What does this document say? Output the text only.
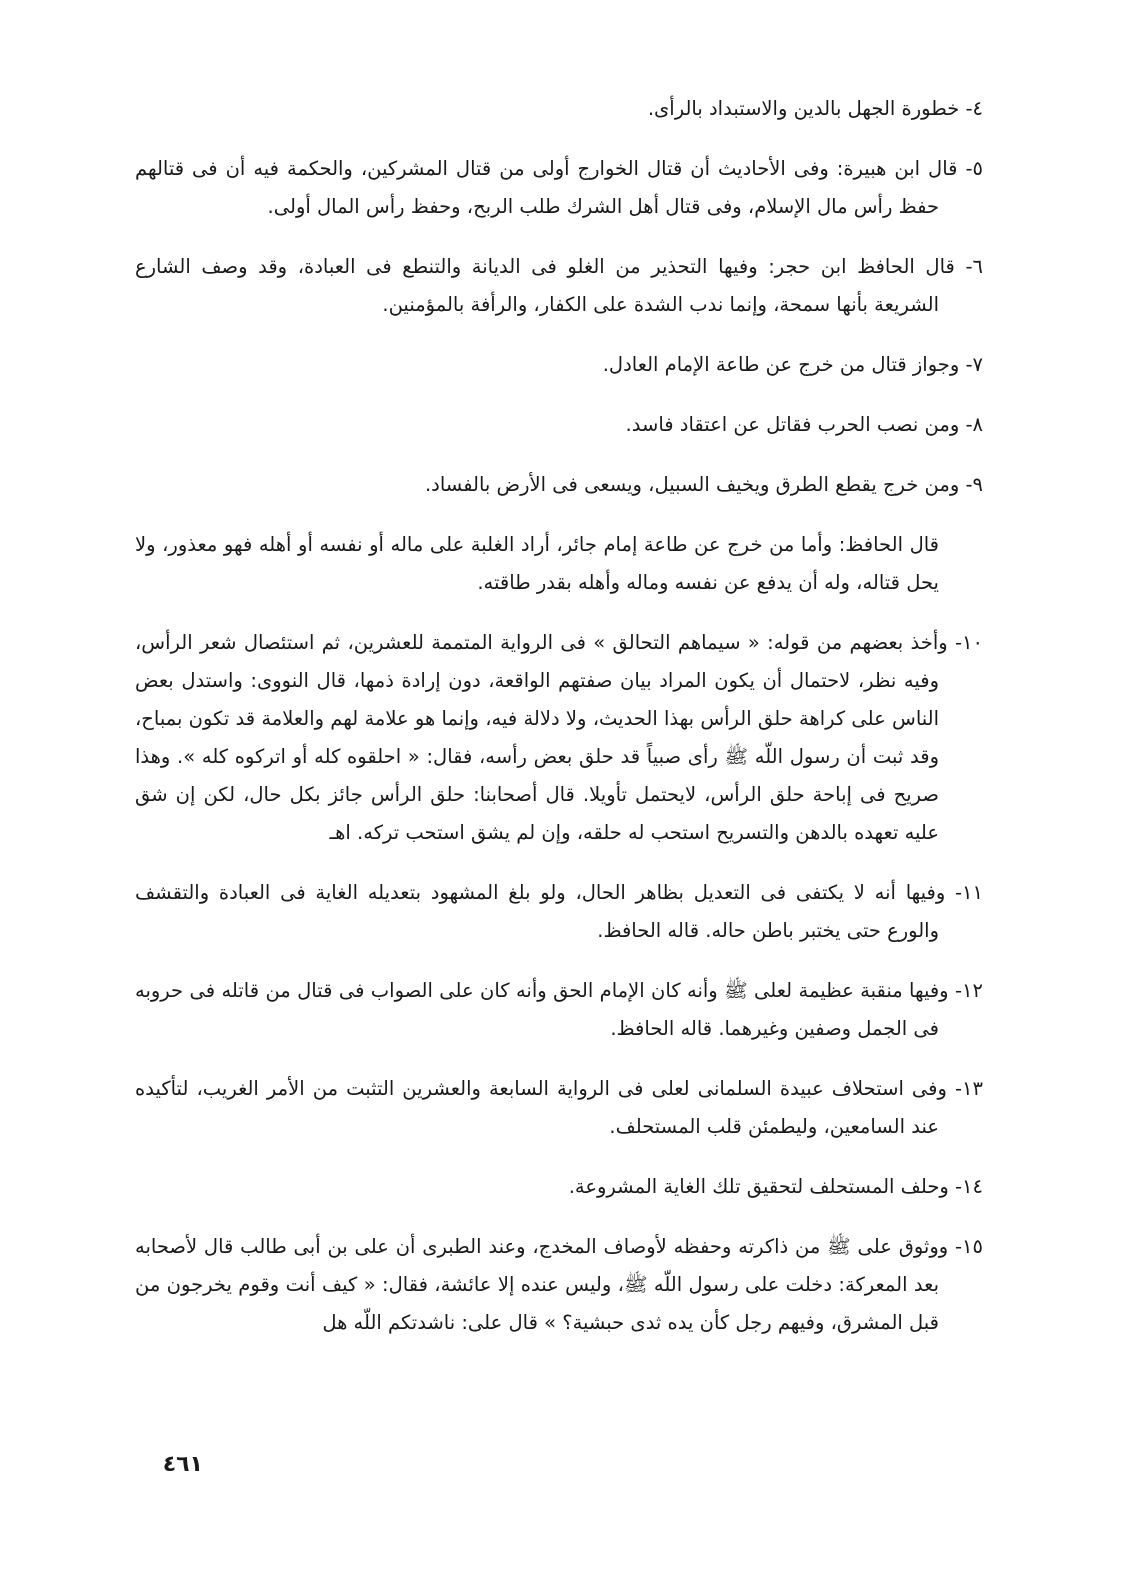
٤- خطورة الجهل بالدين والاستبداد بالرأى.

٥- قال ابن هبيرة: وفى الأحاديث أن قتال الخوارج أولى من قتال المشركين، والحكمة فيه أن فى قتالهم حفظ رأس مال الإسلام، وفى قتال أهل الشرك طلب الربح، وحفظ رأس المال أولى.

٦- قال الحافظ ابن حجر: وفيها التحذير من الغلو فى الديانة والتنطع فى العبادة، وقد وصف الشارع الشريعة بأنها سمحة، وإنما ندب الشدة على الكفار، والرأفة بالمؤمنين.

٧- وجواز قتال من خرج عن طاعة الإمام العادل.

٨- ومن نصب الحرب فقاتل عن اعتقاد فاسد.

٩- ومن خرج يقطع الطرق ويخيف السبيل، ويسعى فى الأرض بالفساد.

قال الحافظ: وأما من خرج عن طاعة إمام جائر، أراد الغلبة على ماله أو نفسه أو أهله فهو معذور، ولا يحل قتاله، وله أن يدفع عن نفسه وماله وأهله بقدر طاقته.

١٠- وأخذ بعضهم من قوله: « سيماهم التحالق » فى الرواية المتممة للعشرين، ثم استئصال شعر الرأس، وفيه نظر، لاحتمال أن يكون المراد بيان صفتهم الواقعة، دون إرادة ذمها، قال النووى: واستدل بعض الناس على كراهة حلق الرأس بهذا الحديث، ولا دلالة فيه، وإنما هو علامة لهم والعلامة قد تكون بمباح، وقد ثبت أن رسول اللّه ﷺ رأى صبياً قد حلق بعض رأسه، فقال: « احلقوه كله أو اتركوه كله ». وهذا صريح فى إباحة حلق الرأس، لايحتمل تأويلا. قال أصحابنا: حلق الرأس جائز بكل حال، لكن إن شق عليه تعهده بالدهن والتسريح استحب له حلقه، وإن لم يشق استحب تركه. اهـ

١١- وفيها أنه لا يكتفى فى التعديل بظاهر الحال، ولو بلغ المشهود بتعديله الغاية فى العبادة والتقشف والورع حتى يختبر باطن حاله. قاله الحافظ.

١٢- وفيها منقبة عظيمة لعلى ﷺ وأنه كان الإمام الحق وأنه كان على الصواب فى قتال من قاتله فى حروبه فى الجمل وصفين وغيرهما. قاله الحافظ.

١٣- وفى استحلاف عبيدة السلمانى لعلى فى الرواية السابعة والعشرين التثبت من الأمر الغريب، لتأكيده عند السامعين، وليطمئن قلب المستحلف.

١٤- وحلف المستحلف لتحقيق تلك الغاية المشروعة.

١٥- ووثوق على ﷺ من ذاكرته وحفظه لأوصاف المخدج، وعند الطبرى أن على بن أبى طالب قال لأصحابه بعد المعركة: دخلت على رسول اللّه ﷺ، وليس عنده إلا عائشة، فقال: « كيف أنت وقوم يخرجون من قبل المشرق، وفيهم رجل كأن يده ثدى حبشية؟ » قال على: ناشدتكم اللّه هل

٤٦١
